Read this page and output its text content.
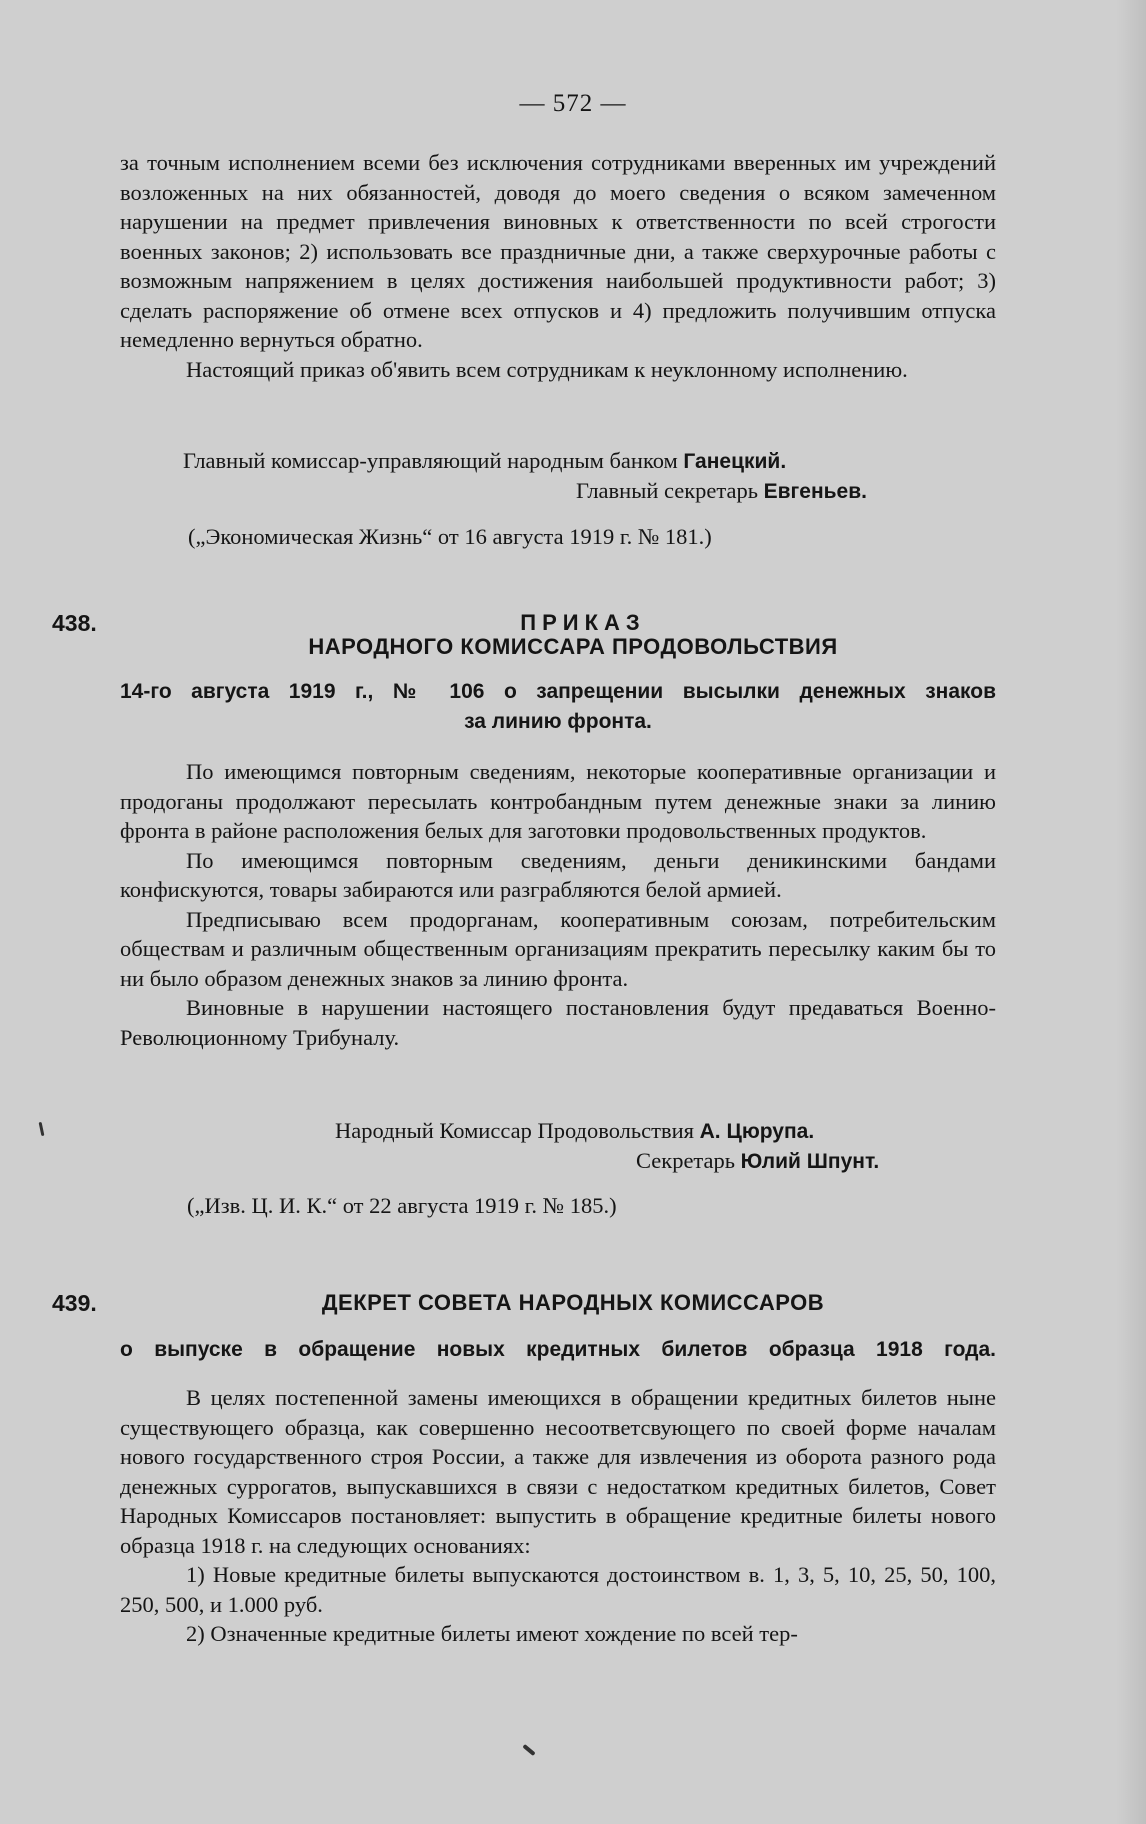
— 572 —

за точным исполнением всеми без исключения сотрудниками вверенных им учреждений возложенных на них обязанностей, доводя до моего сведения о всяком замеченном нарушении на предмет привлечения виновных к ответственности по всей строгости военных законов; 2) использовать все праздничные дни, а также сверхурочные работы с возможным напряжением в целях достижения наибольшей продуктивности работ; 3) сделать распоряжение об отмене всех отпусков и 4) предложить получившим отпуска немедленно вернуться обратно.

Настоящий приказ об'явить всем сотрудникам к неуклонному исполнению.

Главный комиссар-управляющий народным банком Ганецкий.
Главный секретарь Евгеньев.
(„Экономическая Жизнь“ от 16 августа 1919 г. № 181.)
438.	ПРИКАЗ
НАРОДНОГО КОМИССАРА ПРОДОВОЛЬСТВИЯ
14-го августа 1919 г., № 106 о запрещении высылки денежных знаков
за линию фронта.

По имеющимся повторным сведениям, некоторые кооперативные организации и продоганы продолжают пересылать контробандным путем денежные знаки за линию фронта в районе расположения белых для заготовки продовольственных продуктов.

По имеющимся повторным сведениям, деньги деникинскими бандами конфискуются, товары забираются или разграбляются белой армией.

Предписываю всем продорганам, кооперативным союзам, потребительским обществам и различным общественным организациям прекратить пересылку каким бы то ни было образом денежных знаков за линию фронта.

Виновные в нарушении настоящего постановления будут предаваться Военно-Революционному Трибуналу.

Народный Комиссар Продовольствия А. Цюрупа.
Секретарь Юлий Шпунт.
(„Изв. Ц. И. К.“ от 22 августа 1919 г. № 185.)
439.	ДЕКРЕТ СОВЕТА НАРОДНЫХ КОМИССАРОВ
о выпуске в обращение новых кредитных билетов образца 1918 года.

В целях постепенной замены имеющихся в обращении кредитных билетов ныне существующего образца, как совершенно несоответсвующего по своей форме началам нового государственного строя России, а также для извлечения из оборота разного рода денежных суррогатов, выпускавшихся в связи с недостатком кредитных билетов, Совет Народных Комиссаров постановляет: выпустить в обращение кредитные билеты нового образца 1918 г. на следующих основаниях:

1) Новые кредитные билеты выпускаются достоинством в. 1, 3, 5, 10, 25, 50, 100, 250, 500, и 1.000 руб.

2) Означенные кредитные билеты имеют хождение по всей тер-
